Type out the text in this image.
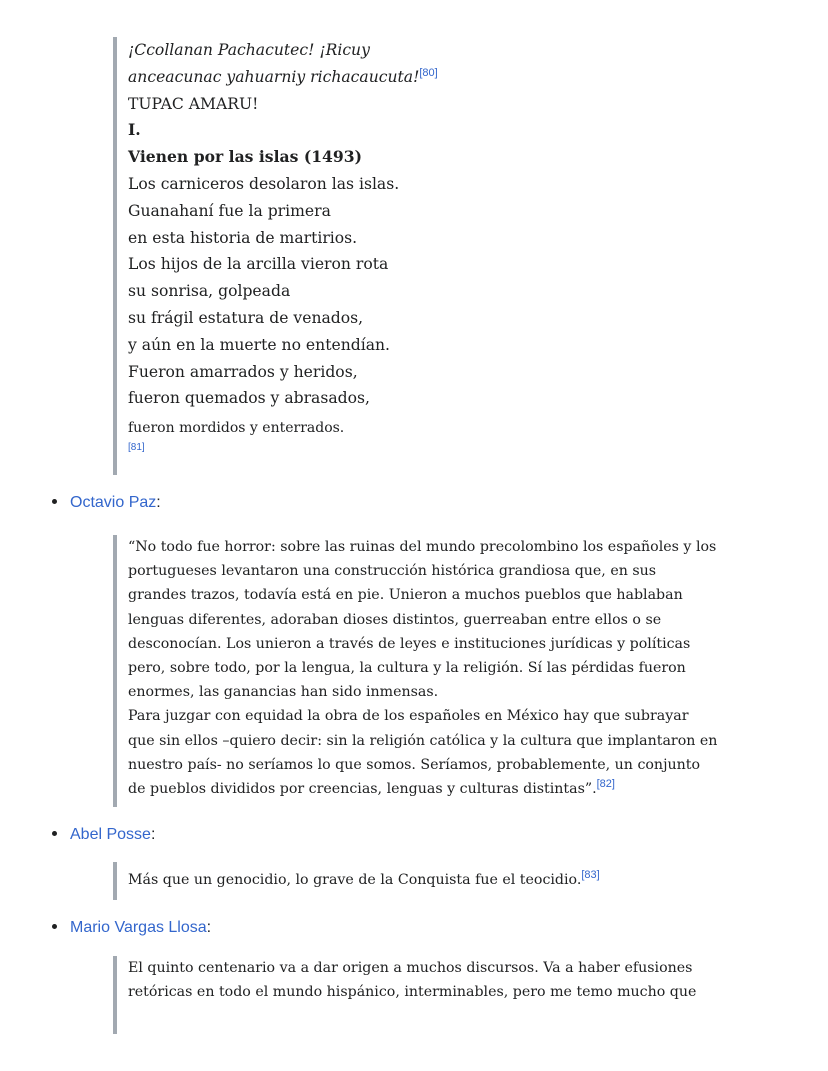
¡Ccollanan Pachacutec! ¡Ricuy
anceacunac yahuarniy richacaucuta![80]
TUPAC AMARU!
I.
Vienen por las islas (1493)
Los carniceros desolaron las islas.
Guanahaní fue la primera
en esta historia de martirios.
Los hijos de la arcilla vieron rota
su sonrisa, golpeada
su frágil estatura de venados,
y aún en la muerte no entendían.
Fueron amarrados y heridos,
fueron quemados y abrasados,
fueron mordidos y enterrados.
[81]
Octavio Paz:

“No todo fue horror: sobre las ruinas del mundo precolombino los españoles y los portugueses levantaron una construcción histórica grandiosa que, en sus grandes trazos, todavía está en pie. Unieron a muchos pueblos que hablaban lenguas diferentes, adoraban dioses distintos, guerreaban entre ellos o se desconocían. Los unieron a través de leyes e instituciones jurídicas y políticas pero, sobre todo, por la lengua, la cultura y la religión. Sí las pérdidas fueron enormes, las ganancias han sido inmensas.

Para juzgar con equidad la obra de los españoles en México hay que subrayar que sin ellos –quiero decir: sin la religión católica y la cultura que implantaron en nuestro país- no seríamos lo que somos. Seríamos, probablemente, un conjunto de pueblos divididos por creencias, lenguas y culturas distintas”.[82]

Abel Posse:
Más que un genocidio, lo grave de la Conquista fue el teocidio.[83]
Mario Vargas Llosa:

El quinto centenario va a dar origen a muchos discursos. Va a haber efusiones retóricas en todo el mundo hispánico, interminables, pero me temo mucho que
